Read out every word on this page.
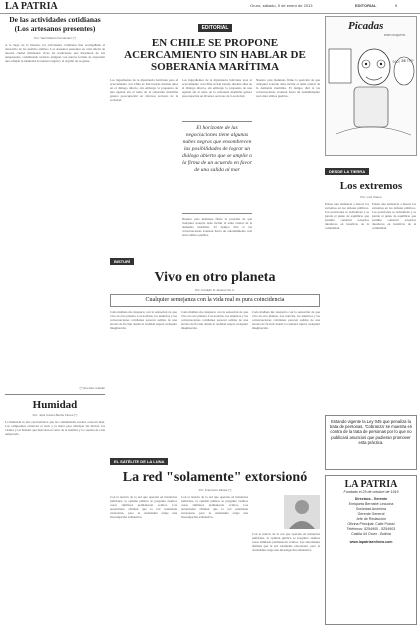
LA PATRIA	Oruro, sábado, 5 de enero de 2013	EDITORIAL	5
De las actividades cotidianas (Los artesanos presentes)
Por: Saúl Alberto Fernández (*)
A lo largo de la historia, las actividades cotidianas han acompañado el desarrollo de los pueblos andinos. Los artesanos presentes en cada rincón de nuestra ciudad mantienen vivas las tradiciones que heredaron de sus antepasados, combinando técnicas antiguas con nuevas formas de expresión que reflejan la identidad de nuestra región y el orgullo de su gente.
(*) Escritor orureño
Humidad
Por: José Carlos Benito Flores (*)
La humedad es una característica que las comunidades rurales conocen bien. Los campesinos observan el cielo y la tierra para anticipar las lluvias, los vientos y las heladas que marcarán el curso de la siembra y la cosecha de cada temporada.
EDITORIAL
EN CHILE SE PROPONE ACERCAMIENTO SIN HABLAR DE SOBERANÍA MARÍTIMA
Los ingredientes de la diplomacia boliviana para el acercamiento con Chile se han basado durante años en el diálogo directo, sin embargo la propuesta de una agenda sin el tema de la soberanía marítima genera preocupación en diversos sectores de la sociedad.
Los ingredientes de la diplomacia boliviana para el acercamiento con Chile se han basado durante años en el diálogo directo, sin embargo la propuesta de una agenda sin el tema de la soberanía marítima genera preocupación en diversos sectores de la sociedad.
El horizonte de las negociaciones tiene algunas nubes negras que ensombrecen las posibilidades de lograr un diálogo abierto que se amplíe a la firma de un acuerdo en favor de una salida al mar
Nuestro país mantiene firme la posición de que cualquier acuerdo debe incluir el tema central de la demanda marítima. El tiempo dirá si las conversaciones avanzan hacia un entendimiento real entre ambos pueblos.
Nuestro país mantiene firme la posición de que cualquier acuerdo debe incluir el tema central de la demanda marítima. El tiempo dirá si las conversaciones avanzan hacia un entendimiento real entre ambos pueblos.
Picadas
POR COQUITO
¿¿¿¿ 3/8 ????
DESDE LA TIERRA
Los extremos
Por: Luis Claros
Existe una tendencia a buscar los extremos en los debates públicos. Las posiciones se radicalizan y se pierde el punto de equilibrio que permite construir acuerdos duraderos en beneficio de la comunidad.
Existe una tendencia a buscar los extremos en los debates públicos. Las posiciones se radicalizan y se pierde el punto de equilibrio que permite construir acuerdos duraderos en beneficio de la comunidad.
BISTURÍ
Vivo en otro planeta
Por: Franklin R. Alvarez De C.
Cualquier semejanza con la vida real es pura coincidencia
Cada mañana me despierto con la sensación de que vivo en otro planeta. Las noticias, los anuncios y las conversaciones cotidianas parecen salidas de una novela de ficción donde la realidad supera cualquier imaginación.
Cada mañana me despierto con la sensación de que vivo en otro planeta. Las noticias, los anuncios y las conversaciones cotidianas parecen salidas de una novela de ficción donde la realidad supera cualquier imaginación.
Cada mañana me despierto con la sensación de que vivo en otro planeta. Las noticias, los anuncios y las conversaciones cotidianas parecen salidas de una novela de ficción donde la realidad supera cualquier imaginación.
EL SATÉLITE DE LA LUNA
La red "solamente" extorsionó
Por: Francisco Zárate (*)
Con la noticia de la red que operaba en instancias judiciales, la opinión pública se preguntó cuántos casos similares permanecen ocultos. Las autoridades afirman que la red solamente extorsionó, pero la ciudadanía exige una investigación exhaustiva.
Con la noticia de la red que operaba en instancias judiciales, la opinión pública se preguntó cuántos casos similares permanecen ocultos. Las autoridades afirman que la red solamente extorsionó, pero la ciudadanía exige una investigación exhaustiva.
Con la noticia de la red que operaba en instancias judiciales, la opinión pública se preguntó cuántos casos similares permanecen ocultos. Las autoridades afirman que la red solamente extorsionó, pero la ciudadanía exige una investigación exhaustiva.
Estando vigente la Ley 045 que penaliza la trata de personas, 'Cobranza' se muestra en contra de la trata de personas por lo que no publicará anuncios que pudieran promover esta práctica.
LA PATRIA
Fundado el 25 de octubre de 1919
Directora - Gerente
Enriqueta Bernabé Lecuona
Sociedad Anónima
Gerente General
Jefe de Redacción
Oficina Principal: Calle Potosí
Teléfonos: 5254900 - 5254903
Casilla 44 Oruro - Bolivia
www.lapatriaenlinea.com
